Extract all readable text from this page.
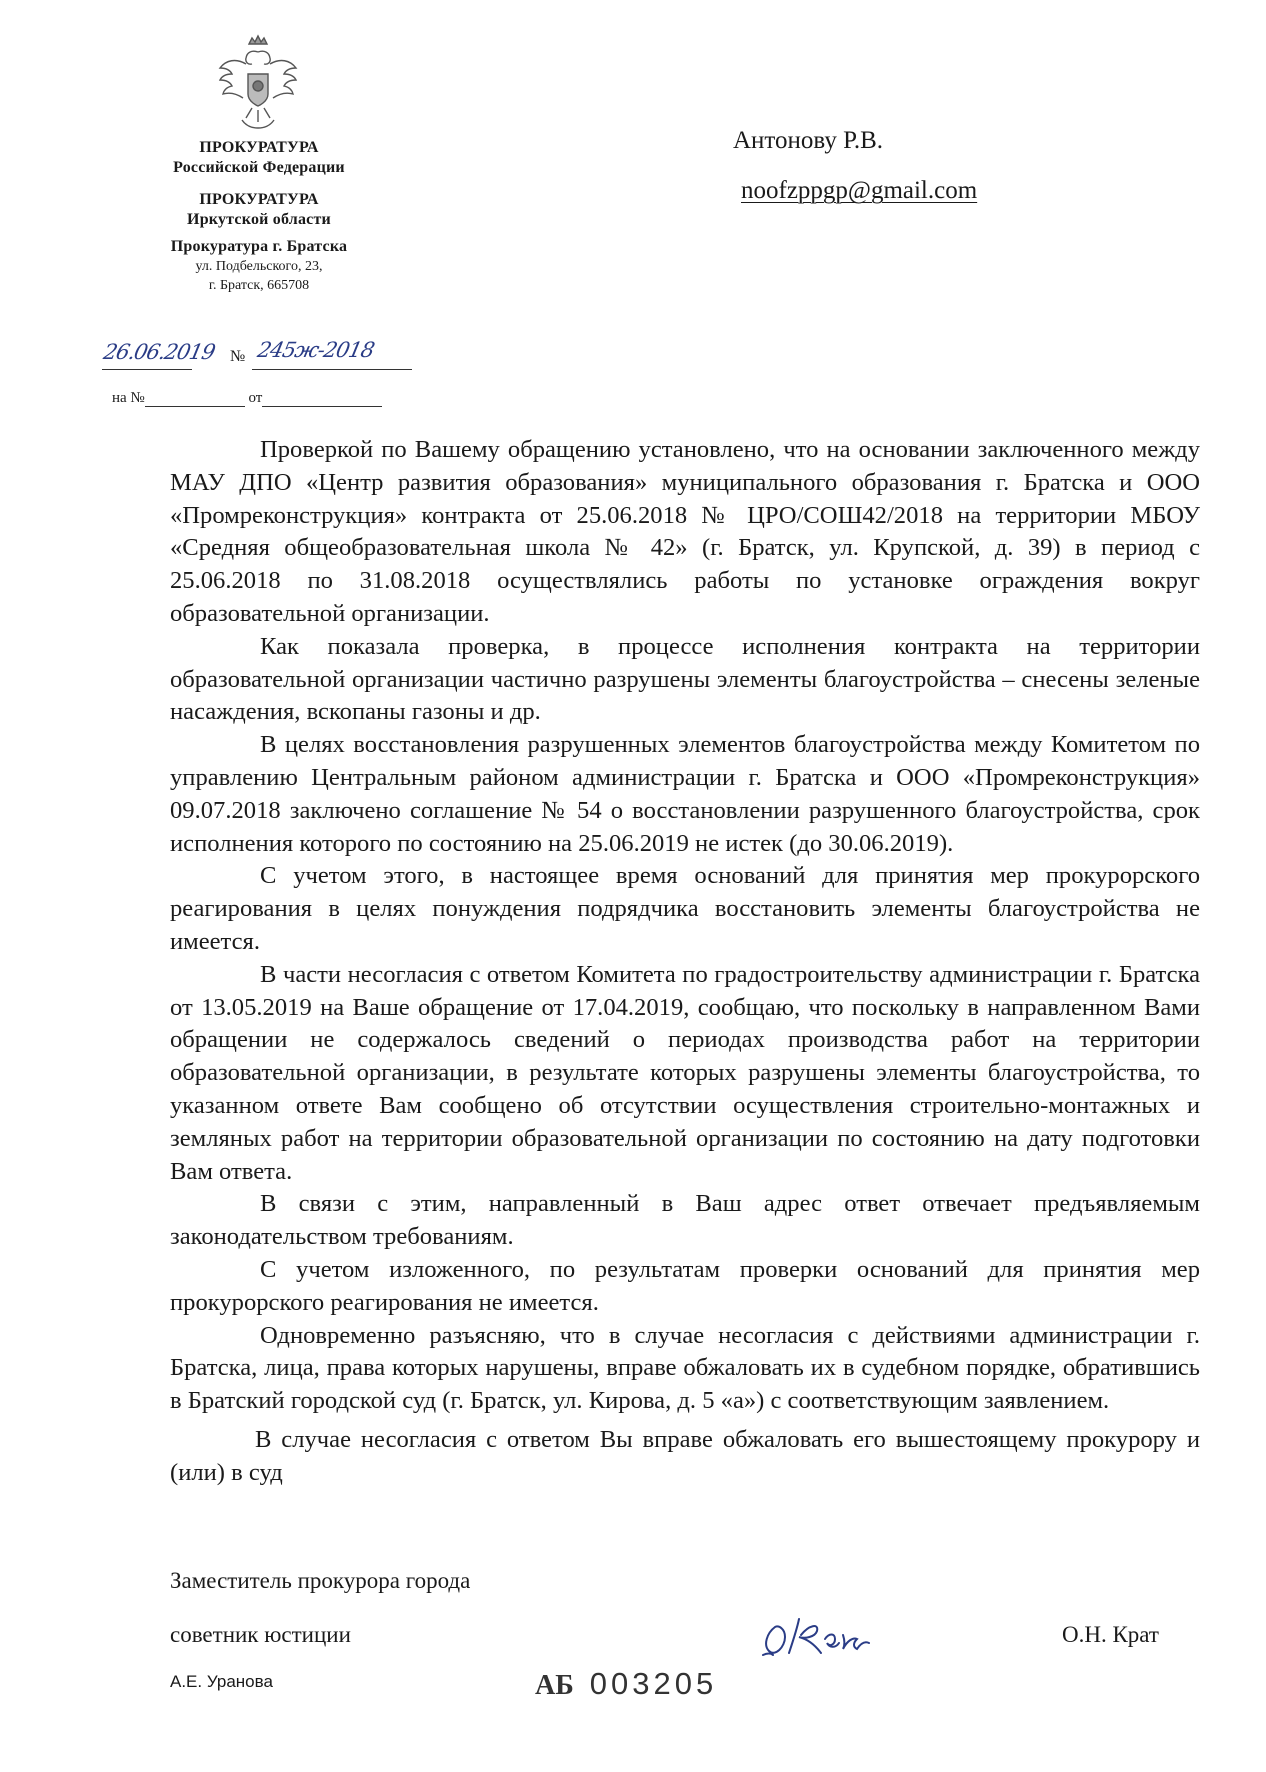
ПРОКУРАТУРА
Российской Федерации
ПРОКУРАТУРА
Иркутской области
Прокуратура г. Братска
ул. Подбельского, 23,
г. Братск, 665708
26.06.2019 № 245ж-2018
на №	от
Антонову Р.В.
noofzppgp@gmail.com

Проверкой по Вашему обращению установлено, что на основании заключенного между МАУ ДПО «Центр развития образования» муниципального образования г. Братска и ООО «Промреконструкция» контракта от 25.06.2018 № ЦРО/СОШ42/2018 на территории МБОУ «Средняя общеобразовательная школа № 42» (г. Братск, ул. Крупской, д. 39) в период с 25.06.2018 по 31.08.2018 осуществлялись работы по установке ограждения вокруг образовательной организации.

Как показала проверка, в процессе исполнения контракта на территории образовательной организации частично разрушены элементы благоустройства – снесены зеленые насаждения, вскопаны газоны и др.

В целях восстановления разрушенных элементов благоустройства между Комитетом по управлению Центральным районом администрации г. Братска и ООО «Промреконструкция» 09.07.2018 заключено соглашение № 54 о восстановлении разрушенного благоустройства, срок исполнения которого по состоянию на 25.06.2019 не истек (до 30.06.2019).

С учетом этого, в настоящее время оснований для принятия мер прокурорского реагирования в целях понуждения подрядчика восстановить элементы благоустройства не имеется.

В части несогласия с ответом Комитета по градостроительству администрации г. Братска от 13.05.2019 на Ваше обращение от 17.04.2019, сообщаю, что поскольку в направленном Вами обращении не содержалось сведений о периодах производства работ на территории образовательной организации, в результате которых разрушены элементы благоустройства, то указанном ответе Вам сообщено об отсутствии осуществления строительно-монтажных и земляных работ на территории образовательной организации по состоянию на дату подготовки Вам ответа.

В связи с этим, направленный в Ваш адрес ответ отвечает предъявляемым законодательством требованиям.

С учетом изложенного, по результатам проверки оснований для принятия мер прокурорского реагирования не имеется.

Одновременно разъясняю, что в случае несогласия с действиями администрации г. Братска, лица, права которых нарушены, вправе обжаловать их в судебном порядке, обратившись в Братский городской суд (г. Братск, ул. Кирова, д. 5 «а») с соответствующим заявлением.

В случае несогласия с ответом Вы вправе обжаловать его вышестоящему прокурору и (или) в суд

Заместитель прокурора города
советник юстиции	О.Н. Крат
А.Е. Уранова	АБ 003205
